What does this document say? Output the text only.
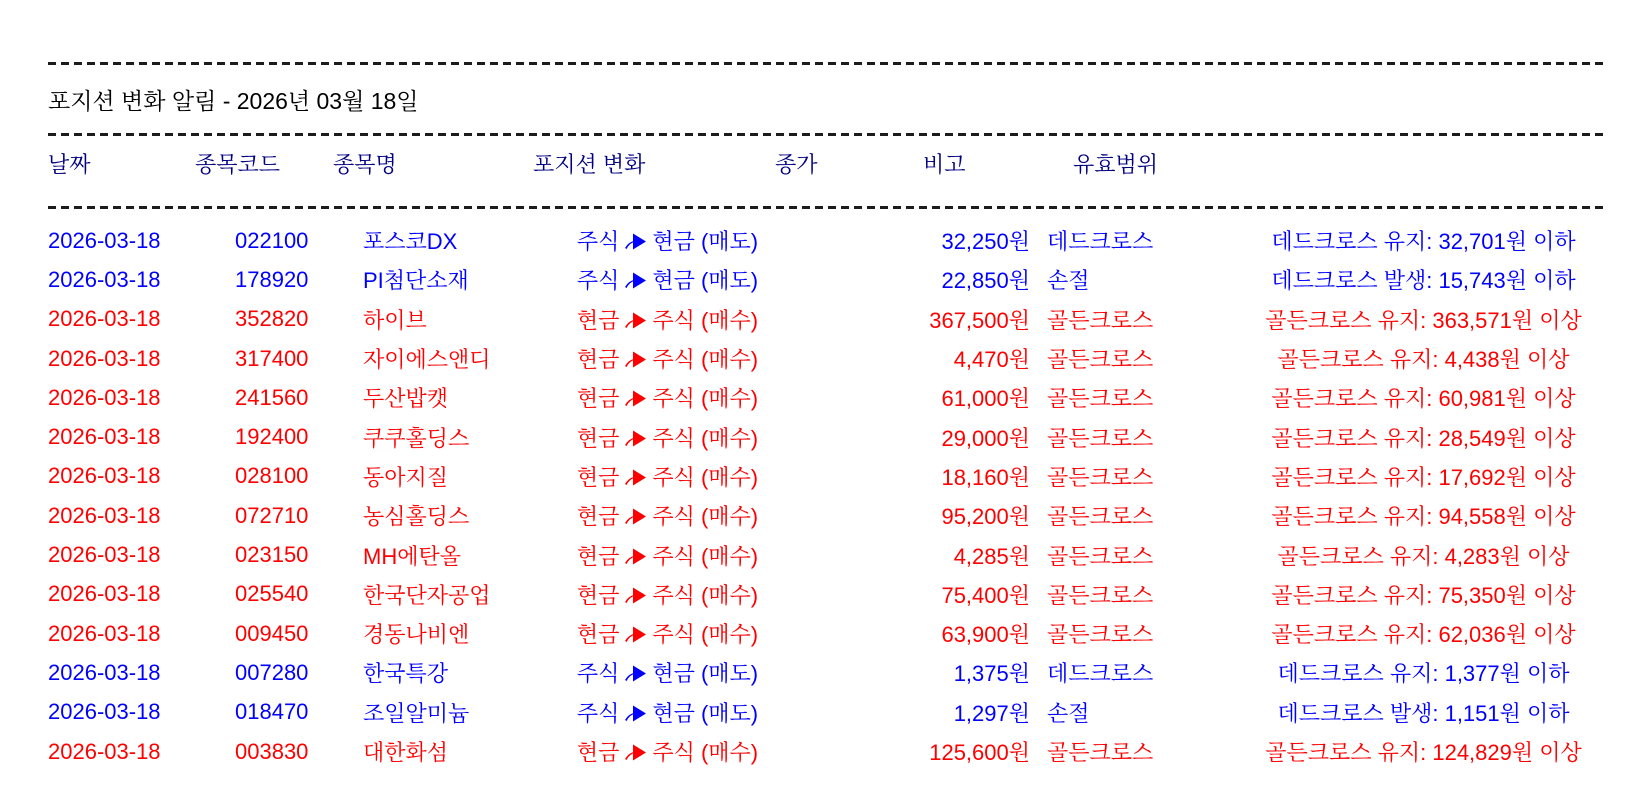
포지션 변화 알림 - 2026년 03월 18일
날짜	종목코드 종목명	포지션 변화	종가	비고	유효범위
2026-03-18	022100	포스코DX	주식 현금 (매도)	32,250원 데드크로스	데드크로스 유지: 32,701원 이하
2026-03-18	178920	PI첨단소재	주식 현금 (매도)	22,850원 손절	데드크로스 발생: 15,743원 이하
2026-03-18	352820	하이브	현금 주식 (매수)	367,500원 골든크로스	골든크로스 유지: 363,571원 이상
2026-03-18	317400	자이에스앤디	현금 주식 (매수)	4,470원 골든크로스	골든크로스 유지: 4,438원 이상
2026-03-18	241560	두산밥캣	현금 주식 (매수)	61,000원 골든크로스	골든크로스 유지: 60,981원 이상
2026-03-18	192400	쿠쿠홀딩스	현금 주식 (매수)	29,000원 골든크로스	골든크로스 유지: 28,549원 이상
2026-03-18	028100	동아지질	현금 주식 (매수)	18,160원 골든크로스	골든크로스 유지: 17,692원 이상
2026-03-18	072710	농심홀딩스	현금 주식 (매수)	95,200원 골든크로스	골든크로스 유지: 94,558원 이상
2026-03-18	023150	MH에탄올	현금 주식 (매수)	4,285원 골든크로스	골든크로스 유지: 4,283원 이상
2026-03-18	025540	한국단자공업	현금 주식 (매수)	75,400원 골든크로스	골든크로스 유지: 75,350원 이상
2026-03-18	009450	경동나비엔	현금 주식 (매수)	63,900원 골든크로스	골든크로스 유지: 62,036원 이상
2026-03-18	007280	한국특강	주식 현금 (매도)	1,375원 데드크로스	데드크로스 유지: 1,377원 이하
2026-03-18	018470	조일알미늄	주식 현금 (매도)	1,297원 손절	데드크로스 발생: 1,151원 이하
2026-03-18	003830	대한화섬	현금 주식 (매수)	125,600원 골든크로스	골든크로스 유지: 124,829원 이상
